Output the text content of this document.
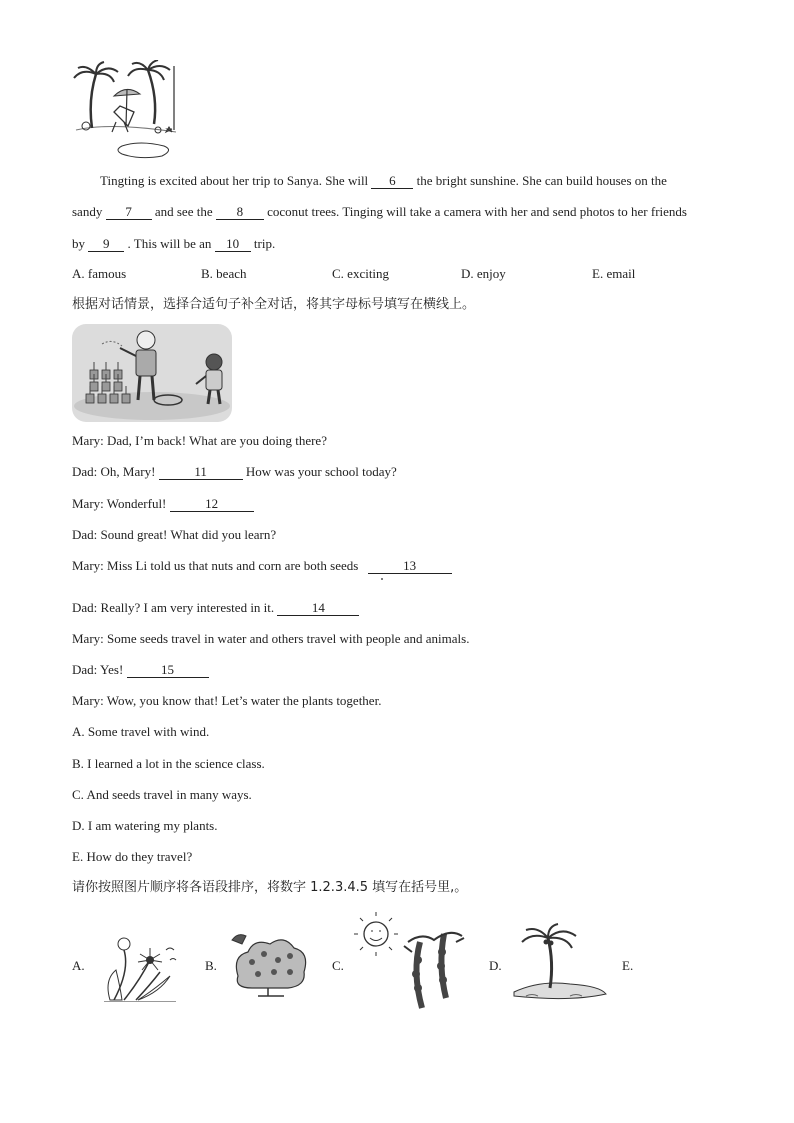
Tingting is excited about her trip to Sanya. She will 6 the bright sunshine. She can build houses on the
sandy 7 and see the 8 coconut trees. Tinging will take a camera with her and send photos to her friends
by 9 . This will be an 10 trip.
A. famous	B. beach	C. exciting	D. enjoy	E. email
根据对话情景，选择合适句子补全对话，将其字母标号填写在横线上。
Mary: Dad, I’m back! What are you doing there?
Dad: Oh, Mary!	11	How was your school today?
Mary: Wonderful!	12
Dad: Sound great! What did you learn?
Mary: Miss Li told us that nuts and corn are both seeds	13
Dad: Really? I am very interested in it.	14
Mary: Some seeds travel in water and others travel with people and animals.
Dad: Yes!	15
Mary: Wow, you know that! Let’s water the plants together.
A. Some travel with wind.
B. I learned a lot in the science class.
C. And seeds travel in many ways.
D. I am watering my plants.
E. How do they travel?
请你按照图片顺序将各语段排序，将数字 1.2.3.4.5 填写在括号里,。
A.	B.	C.	D.	E.
